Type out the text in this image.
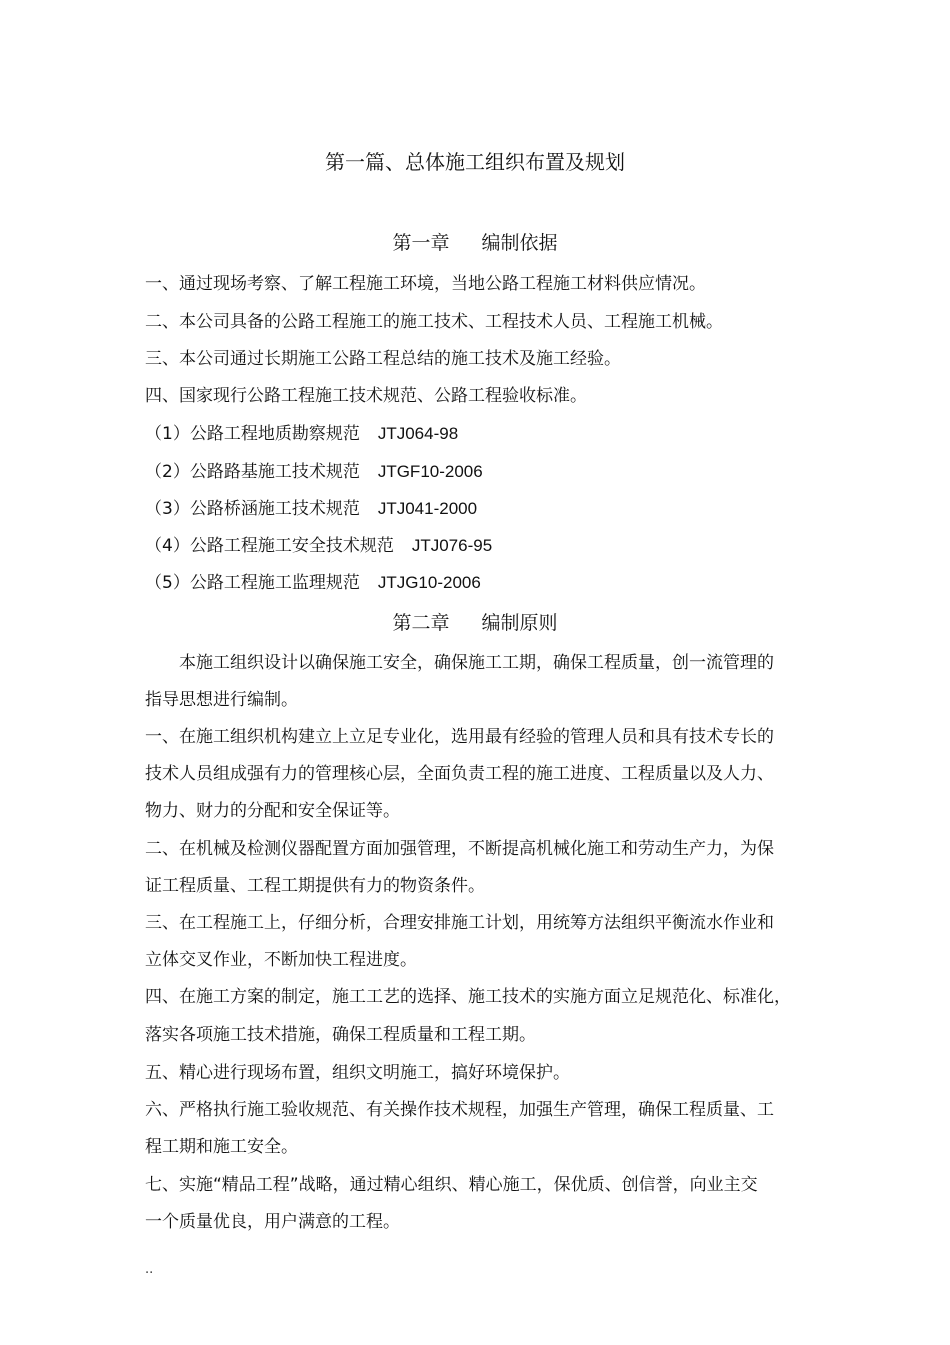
第一篇、总体施工组织布置及规划
第一章 编制依据
一、通过现场考察、了解工程施工环境，当地公路工程施工材料供应情况。
二、本公司具备的公路工程施工的施工技术、工程技术人员、工程施工机械。
三、本公司通过长期施工公路工程总结的施工技术及施工经验。
四、国家现行公路工程施工技术规范、公路工程验收标准。
（1）公路工程地质勘察规范 JTJ064-98
（2）公路路基施工技术规范 JTGF10-2006
（3）公路桥涵施工技术规范 JTJ041-2000
（4）公路工程施工安全技术规范 JTJ076-95
（5）公路工程施工监理规范 JTJG10-2006
第二章 编制原则
本施工组织设计以确保施工安全，确保施工工期，确保工程质量，创一流管理的
指导思想进行编制。
一、在施工组织机构建立上立足专业化，选用最有经验的管理人员和具有技术专长的
技术人员组成强有力的管理核心层，全面负责工程的施工进度、工程质量以及人力、
物力、财力的分配和安全保证等。
二、在机械及检测仪器配置方面加强管理，不断提高机械化施工和劳动生产力，为保
证工程质量、工程工期提供有力的物资条件。
三、在工程施工上，仔细分析，合理安排施工计划，用统筹方法组织平衡流水作业和
立体交叉作业，不断加快工程进度。
四、在施工方案的制定，施工工艺的选择、施工技术的实施方面立足规范化、标准化，
落实各项施工技术措施，确保工程质量和工程工期。
五、精心进行现场布置，组织文明施工，搞好环境保护。
六、严格执行施工验收规范、有关操作技术规程，加强生产管理，确保工程质量、工
程工期和施工安全。
七、实施“精品工程”战略，通过精心组织、精心施工，保优质、创信誉，向业主交
一个质量优良，用户满意的工程。
..
